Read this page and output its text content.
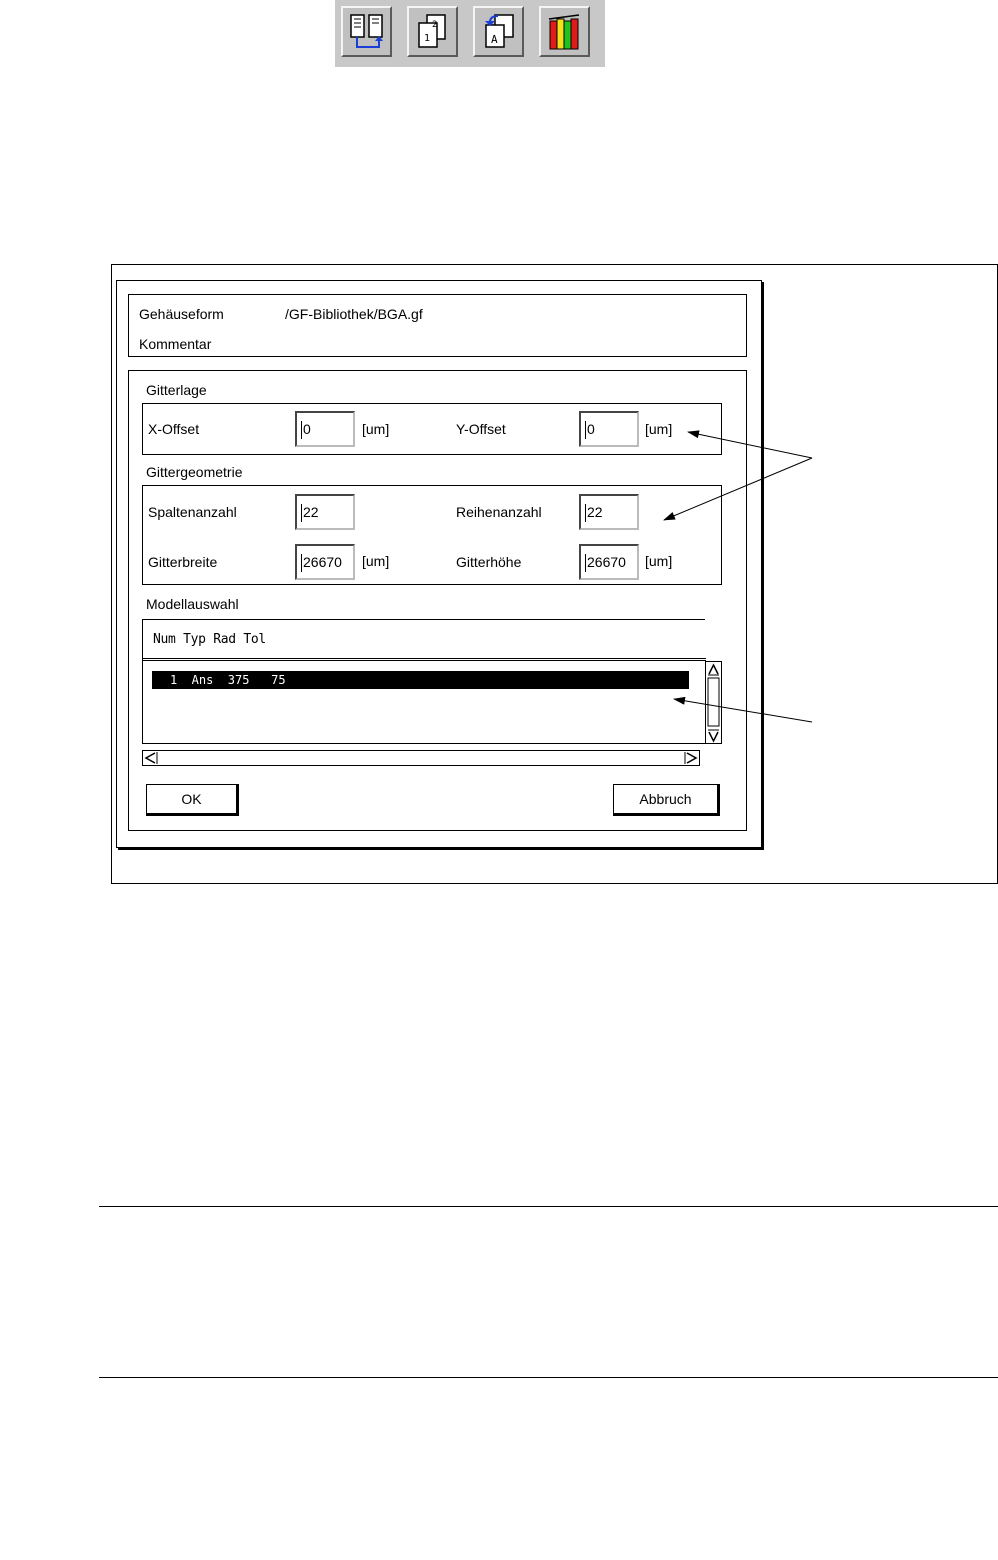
2
1	A
Gehäuseform	/GF-Bibliothek/BGA.gf
Kommentar
Gitterlage
X-Offset	0	[um]	Y-Offset	0	[um]
Gittergeometrie
Spaltenanzahl	22	Reihenanzahl	22
Gitterbreite	26670	[um]	Gitterhöhe	26670	[um]
Modellauswahl
Num Typ Rad Tol
1  Ans  375   75
OK	Abbruch
